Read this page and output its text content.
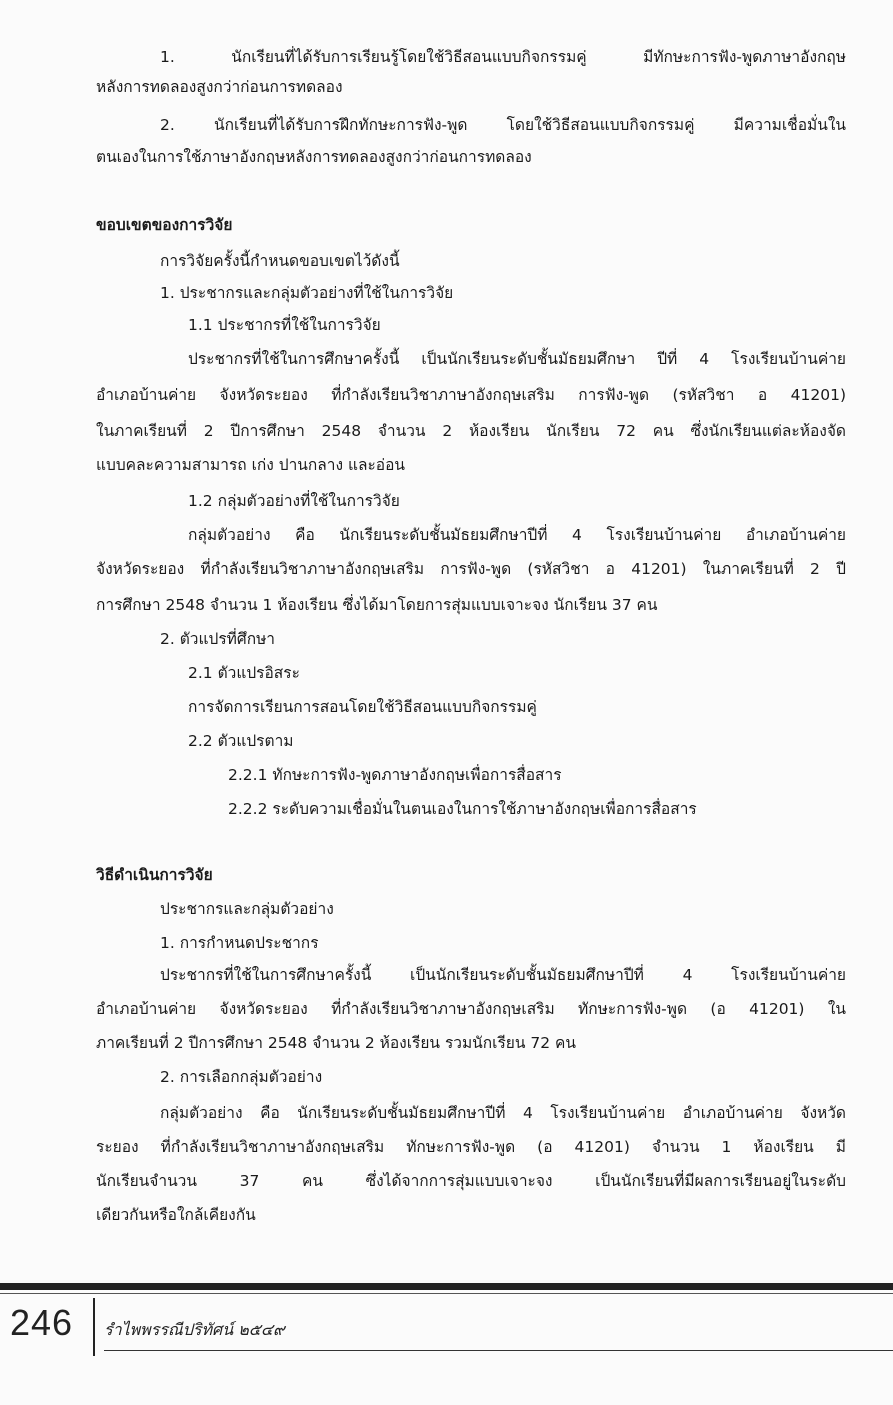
1. นักเรียนที่ได้รับการเรียนรู้โดยใช้วิธีสอนแบบกิจกรรมคู่ มีทักษะการฟัง-พูดภาษาอังกฤษ
หลังการทดลองสูงกว่าก่อนการทดลอง
2. นักเรียนที่ได้รับการฝึกทักษะการฟัง-พูด โดยใช้วิธีสอนแบบกิจกรรมคู่ มีความเชื่อมั่นใน
ตนเองในการใช้ภาษาอังกฤษหลังการทดลองสูงกว่าก่อนการทดลอง
ขอบเขตของการวิจัย
การวิจัยครั้งนี้กำหนดขอบเขตไว้ดังนี้
1. ประชากรและกลุ่มตัวอย่างที่ใช้ในการวิจัย
1.1 ประชากรที่ใช้ในการวิจัย
ประชากรที่ใช้ในการศึกษาครั้งนี้ เป็นนักเรียนระดับชั้นมัธยมศึกษา ปีที่ 4 โรงเรียนบ้านค่าย
อำเภอบ้านค่าย จังหวัดระยอง ที่กำลังเรียนวิชาภาษาอังกฤษเสริม การฟัง-พูด (รหัสวิชา อ 41201)
ในภาคเรียนที่ 2 ปีการศึกษา 2548 จำนวน 2 ห้องเรียน นักเรียน 72 คน ซึ่งนักเรียนแต่ละห้องจัด
แบบคละความสามารถ เก่ง ปานกลาง และอ่อน
1.2 กลุ่มตัวอย่างที่ใช้ในการวิจัย
กลุ่มตัวอย่าง คือ นักเรียนระดับชั้นมัธยมศึกษาปีที่ 4 โรงเรียนบ้านค่าย อำเภอบ้านค่าย
จังหวัดระยอง ที่กำลังเรียนวิชาภาษาอังกฤษเสริม การฟัง-พูด (รหัสวิชา อ 41201) ในภาคเรียนที่ 2 ปี
การศึกษา 2548 จำนวน 1 ห้องเรียน ซึ่งได้มาโดยการสุ่มแบบเจาะจง นักเรียน 37 คน
2. ตัวแปรที่ศึกษา
2.1 ตัวแปรอิสระ
การจัดการเรียนการสอนโดยใช้วิธีสอนแบบกิจกรรมคู่
2.2 ตัวแปรตาม
2.2.1 ทักษะการฟัง-พูดภาษาอังกฤษเพื่อการสื่อสาร
2.2.2 ระดับความเชื่อมั่นในตนเองในการใช้ภาษาอังกฤษเพื่อการสื่อสาร
วิธีดำเนินการวิจัย
ประชากรและกลุ่มตัวอย่าง
1. การกำหนดประชากร
ประชากรที่ใช้ในการศึกษาครั้งนี้ เป็นนักเรียนระดับชั้นมัธยมศึกษาปีที่ 4 โรงเรียนบ้านค่าย
อำเภอบ้านค่าย จังหวัดระยอง ที่กำลังเรียนวิชาภาษาอังกฤษเสริม ทักษะการฟัง-พูด (อ 41201) ใน
ภาคเรียนที่ 2 ปีการศึกษา 2548 จำนวน 2 ห้องเรียน รวมนักเรียน 72 คน
2. การเลือกกลุ่มตัวอย่าง
กลุ่มตัวอย่าง คือ นักเรียนระดับชั้นมัธยมศึกษาปีที่ 4 โรงเรียนบ้านค่าย อำเภอบ้านค่าย จังหวัด
ระยอง ที่กำลังเรียนวิชาภาษาอังกฤษเสริม ทักษะการฟัง-พูด (อ 41201) จำนวน 1 ห้องเรียน มี
นักเรียนจำนวน 37 คน ซึ่งได้จากการสุ่มแบบเจาะจง เป็นนักเรียนที่มีผลการเรียนอยู่ในระดับ
เดียวกันหรือใกล้เคียงกัน
246 รำไพพรรณีปริทัศน์ ๒๕๔๙
